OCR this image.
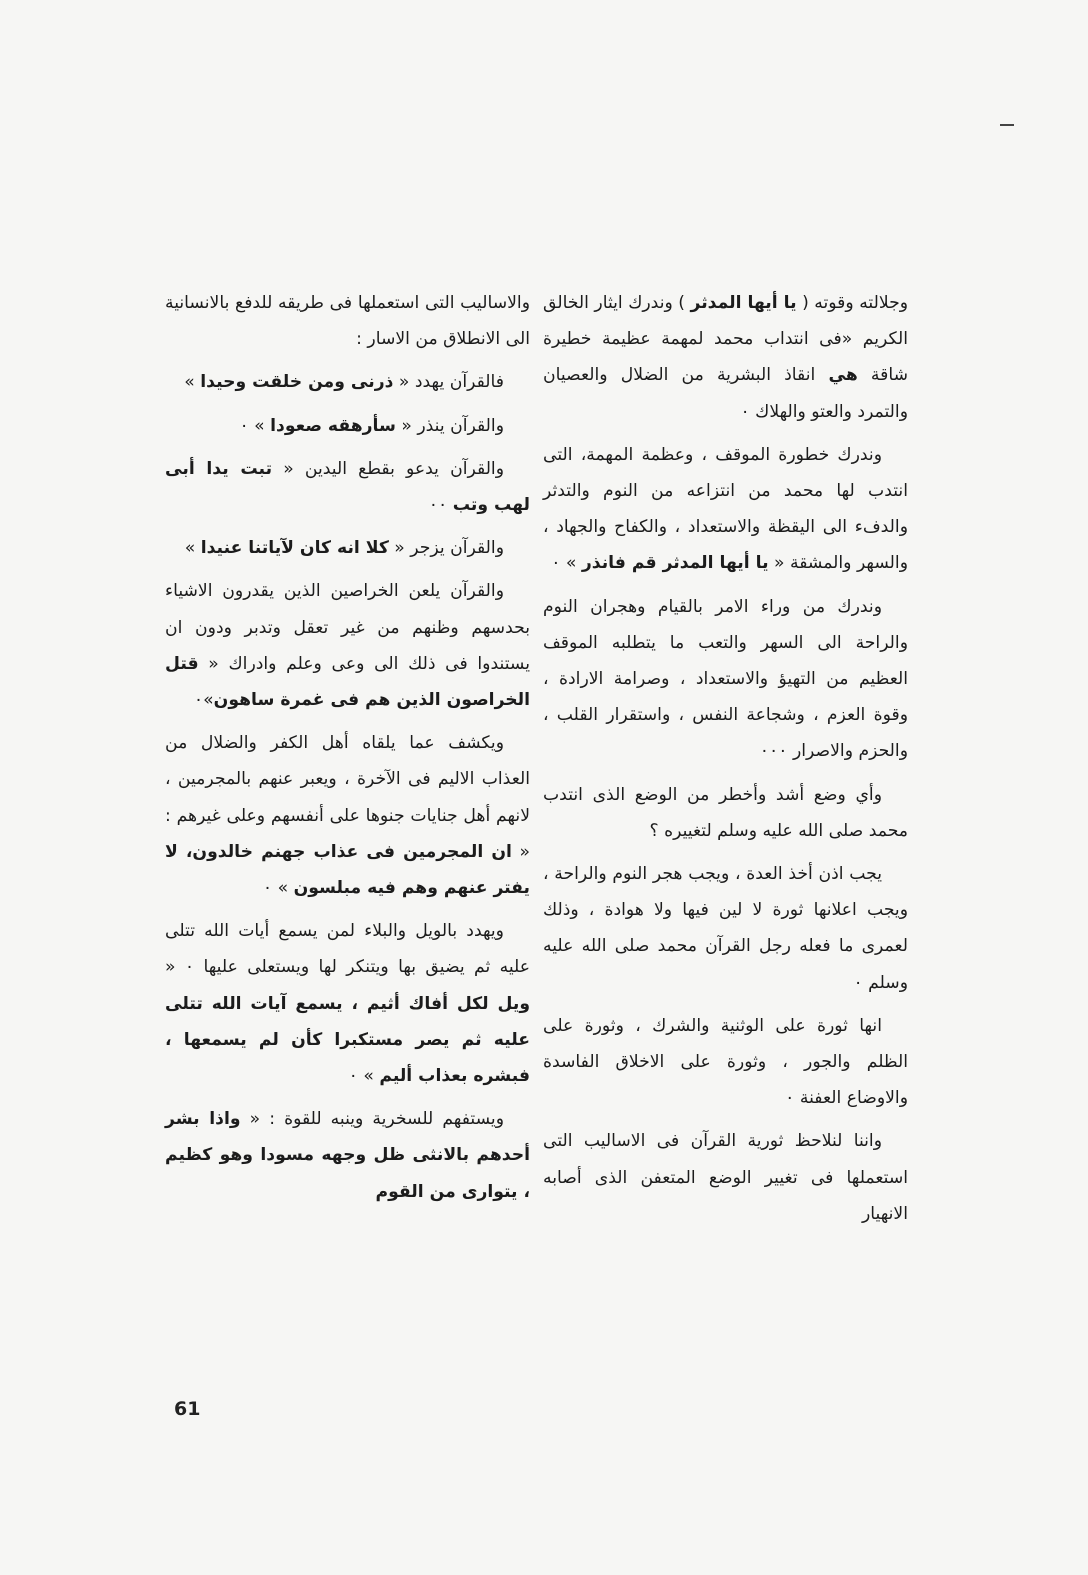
وجلالته وقوته ( يا أيها المدثر ) وندرك ايثار الخالق الكريم «فى انتداب محمد لمهمة عظيمة خطيرة شاقة هي انقاذ البشرية من الضلال والعصيان والتمرد والعتو والهلاك ٠

وندرك خطورة الموقف ، وعظمة المهمة، التى انتدب لها محمد من انتزاعه من النوم والتدثر والدفء الى اليقظة والاستعداد ، والكفاح والجهاد ، والسهر والمشقة « يا أيها المدثر قم فانذر » ٠

وندرك من وراء الامر بالقيام وهجران النوم والراحة الى السهر والتعب ما يتطلبه الموقف العظيم من التهيؤ والاستعداد ، وصرامة الارادة ، وقوة العزم ، وشجاعة النفس ، واستقرار القلب ، والحزم والاصرار ٠٠٠

وأي وضع أشد وأخطر من الوضع الذى انتدب محمد صلى الله عليه وسلم لتغييره ؟

يجب اذن أخذ العدة ، ويجب هجر النوم والراحة ، ويجب اعلانها ثورة لا لين فيها ولا هوادة ، وذلك لعمرى ما فعله رجل القرآن محمد صلى الله عليه وسلم ٠

انها ثورة على الوثنية والشرك ، وثورة على الظلم والجور ، وثورة على الاخلاق الفاسدة والاوضاع العفنة ٠

واننا لنلاحظ ثورية القرآن فى الاساليب التى استعملها فى تغيير الوضع المتعفن الذى أصابه الانهيار

والاساليب التى استعملها فى طريقه للدفع بالانسانية الى الانطلاق من الاسار :

فالقرآن يهدد « ذرنى ومن خلقت وحيدا »

والقرآن ينذر « سأرهقه صعودا » ٠

والقرآن يدعو بقطع اليدين « تبت يدا أبى لهب وتب ٠٠

والقرآن يزجر « كلا انه كان لآياتنا عنيدا »

والقرآن يلعن الخراصين الذين يقدرون الاشياء بحدسهم وظنهم من غير تعقل وتدبر ودون ان يستندوا فى ذلك الى وعى وعلم وادراك « قتل الخراصون الذين هم فى غمرة ساهون»٠

ويكشف عما يلقاه أهل الكفر والضلال من العذاب الاليم فى الآخرة ، ويعبر عنهم بالمجرمين ، لانهم أهل جنايات جنوها على أنفسهم وعلى غيرهم : « ان المجرمين فى عذاب جهنم خالدون، لا يفتر عنهم وهم فيه مبلسون » ٠

ويهدد بالويل والبلاء لمن يسمع أيات الله تتلى عليه ثم يضيق بها ويتنكر لها ويستعلى عليها ٠ « ويل لكل أفاك أثيم ، يسمع آيات الله تتلى عليه ثم يصر مستكبرا كأن لم يسمعها ، فبشره بعذاب أليم » ٠

ويستفهم للسخرية وينبه للقوة : « واذا بشر أحدهم بالانثى ظل وجهه مسودا وهو كظيم ، يتوارى من القوم

61
